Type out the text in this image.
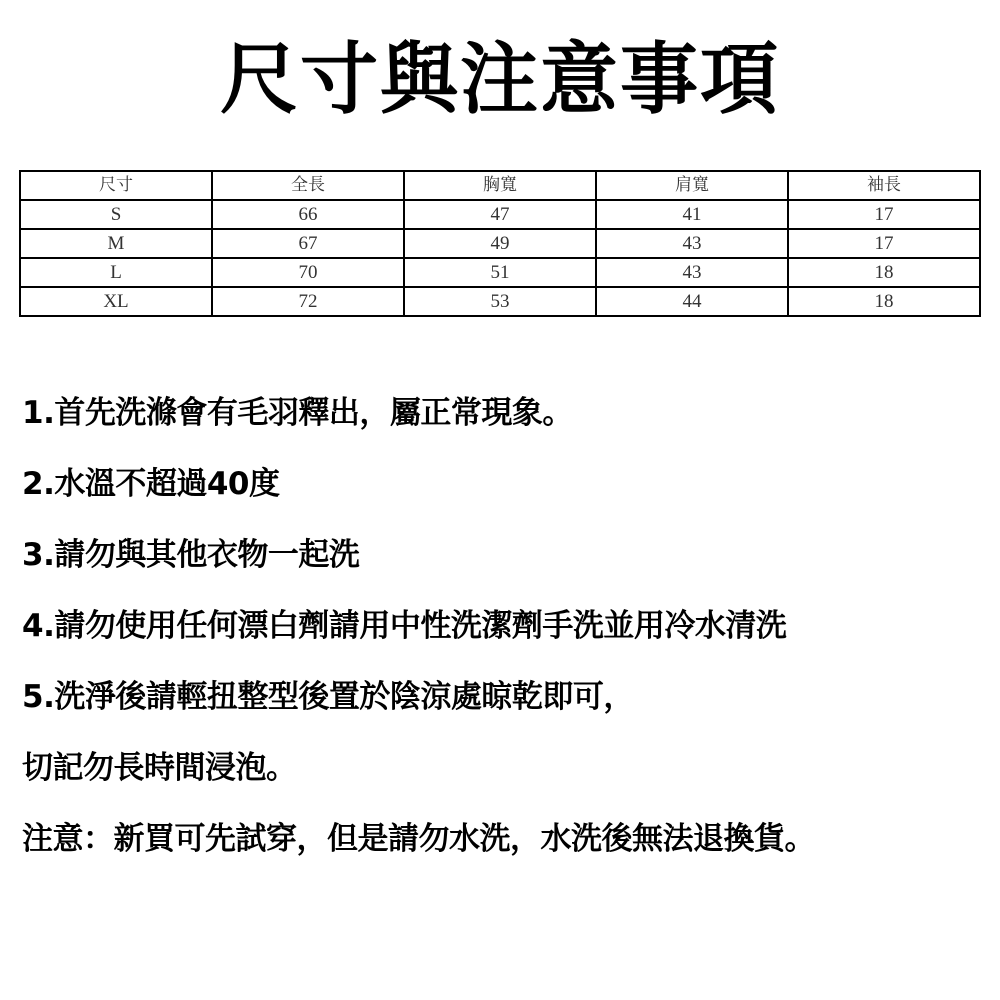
尺寸與注意事項
尺寸	全長	胸寬	肩寬	袖長
S	66	47	41	17
M	67	49	43	17
L	70	51	43	18
XL	72	53	44	18
1.首先洗滌會有毛羽釋出，屬正常現象。
2.水溫不超過40度
3.請勿與其他衣物一起洗
4.請勿使用任何漂白劑請用中性洗潔劑手洗並用冷水清洗
5.洗淨後請輕扭整型後置於陰涼處晾乾即可，
切記勿長時間浸泡。
注意：新買可先試穿，但是請勿水洗，水洗後無法退換貨。
